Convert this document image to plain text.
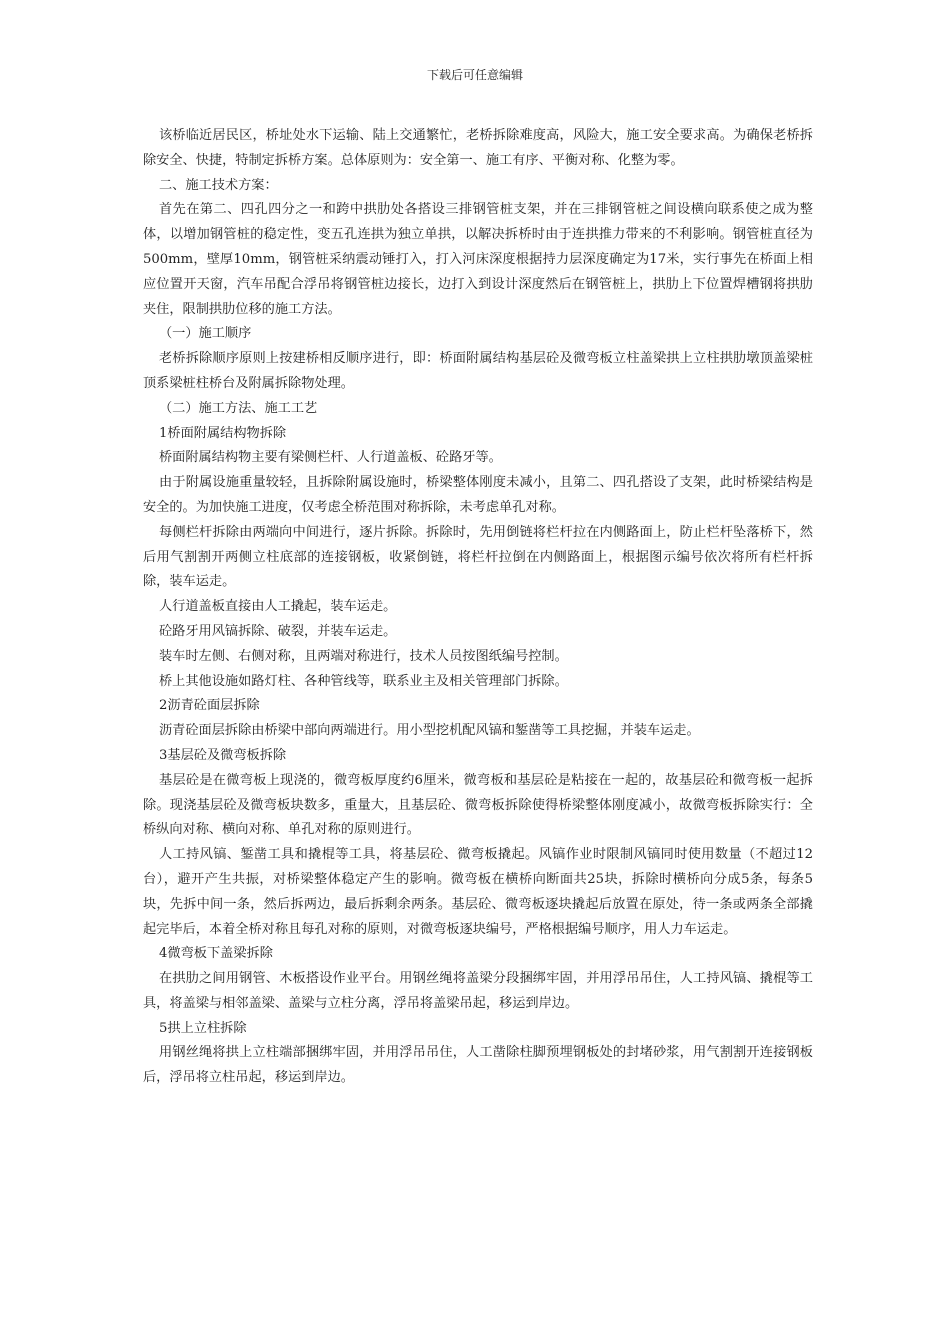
下载后可任意编辑

该桥临近居民区，桥址处水下运输、陆上交通繁忙，老桥拆除难度高，风险大，施工安全要求高。为确保老桥拆除安全、快捷，特制定拆桥方案。总体原则为：安全第一、施工有序、平衡对称、化整为零。

二、施工技术方案：

首先在第二、四孔四分之一和跨中拱肋处各搭设三排钢管桩支架，并在三排钢管桩之间设横向联系使之成为整体，以增加钢管桩的稳定性，变五孔连拱为独立单拱，以解决拆桥时由于连拱推力带来的不利影响。钢管桩直径为500mm，壁厚10mm，钢管桩采纳震动锤打入，打入河床深度根据持力层深度确定为17米，实行事先在桥面上相应位置开天窗，汽车吊配合浮吊将钢管桩边接长，边打入到设计深度然后在钢管桩上，拱肋上下位置焊槽钢将拱肋夹住，限制拱肋位移的施工方法。

（一）施工顺序

老桥拆除顺序原则上按建桥相反顺序进行，即：桥面附属结构基层砼及微弯板立柱盖梁拱上立柱拱肋墩顶盖梁桩顶系梁桩柱桥台及附属拆除物处理。

（二）施工方法、施工工艺

1桥面附属结构物拆除

桥面附属结构物主要有梁侧栏杆、人行道盖板、砼路牙等。

由于附属设施重量较轻，且拆除附属设施时，桥梁整体刚度未减小，且第二、四孔搭设了支架，此时桥梁结构是安全的。为加快施工进度，仅考虑全桥范围对称拆除，未考虑单孔对称。

每侧栏杆拆除由两端向中间进行，逐片拆除。拆除时，先用倒链将栏杆拉在内侧路面上，防止栏杆坠落桥下，然后用气割割开两侧立柱底部的连接钢板，收紧倒链，将栏杆拉倒在内侧路面上，根据图示编号依次将所有栏杆拆除，装车运走。

人行道盖板直接由人工撬起，装车运走。

砼路牙用风镐拆除、破裂，并装车运走。

装车时左侧、右侧对称，且两端对称进行，技术人员按图纸编号控制。

桥上其他设施如路灯柱、各种管线等，联系业主及相关管理部门拆除。

2沥青砼面层拆除

沥青砼面层拆除由桥梁中部向两端进行。用小型挖机配风镐和錾凿等工具挖掘，并装车运走。

3基层砼及微弯板拆除

基层砼是在微弯板上现浇的，微弯板厚度约6厘米，微弯板和基层砼是粘接在一起的，故基层砼和微弯板一起拆除。现浇基层砼及微弯板块数多，重量大，且基层砼、微弯板拆除使得桥梁整体刚度减小，故微弯板拆除实行：全桥纵向对称、横向对称、单孔对称的原则进行。

人工持风镐、錾凿工具和撬棍等工具，将基层砼、微弯板撬起。风镐作业时限制风镐同时使用数量（不超过12台），避开产生共振，对桥梁整体稳定产生的影响。微弯板在横桥向断面共25块，拆除时横桥向分成5条，每条5块，先拆中间一条，然后拆两边，最后拆剩余两条。基层砼、微弯板逐块撬起后放置在原处，待一条或两条全部撬起完毕后，本着全桥对称且每孔对称的原则，对微弯板逐块编号，严格根据编号顺序，用人力车运走。

4微弯板下盖梁拆除

在拱肋之间用钢管、木板搭设作业平台。用钢丝绳将盖梁分段捆绑牢固，并用浮吊吊住，人工持风镐、撬棍等工具，将盖梁与相邻盖梁、盖梁与立柱分离，浮吊将盖梁吊起，移运到岸边。

5拱上立柱拆除

用钢丝绳将拱上立柱端部捆绑牢固，并用浮吊吊住，人工凿除柱脚预埋钢板处的封堵砂浆，用气割割开连接钢板后，浮吊将立柱吊起，移运到岸边。
